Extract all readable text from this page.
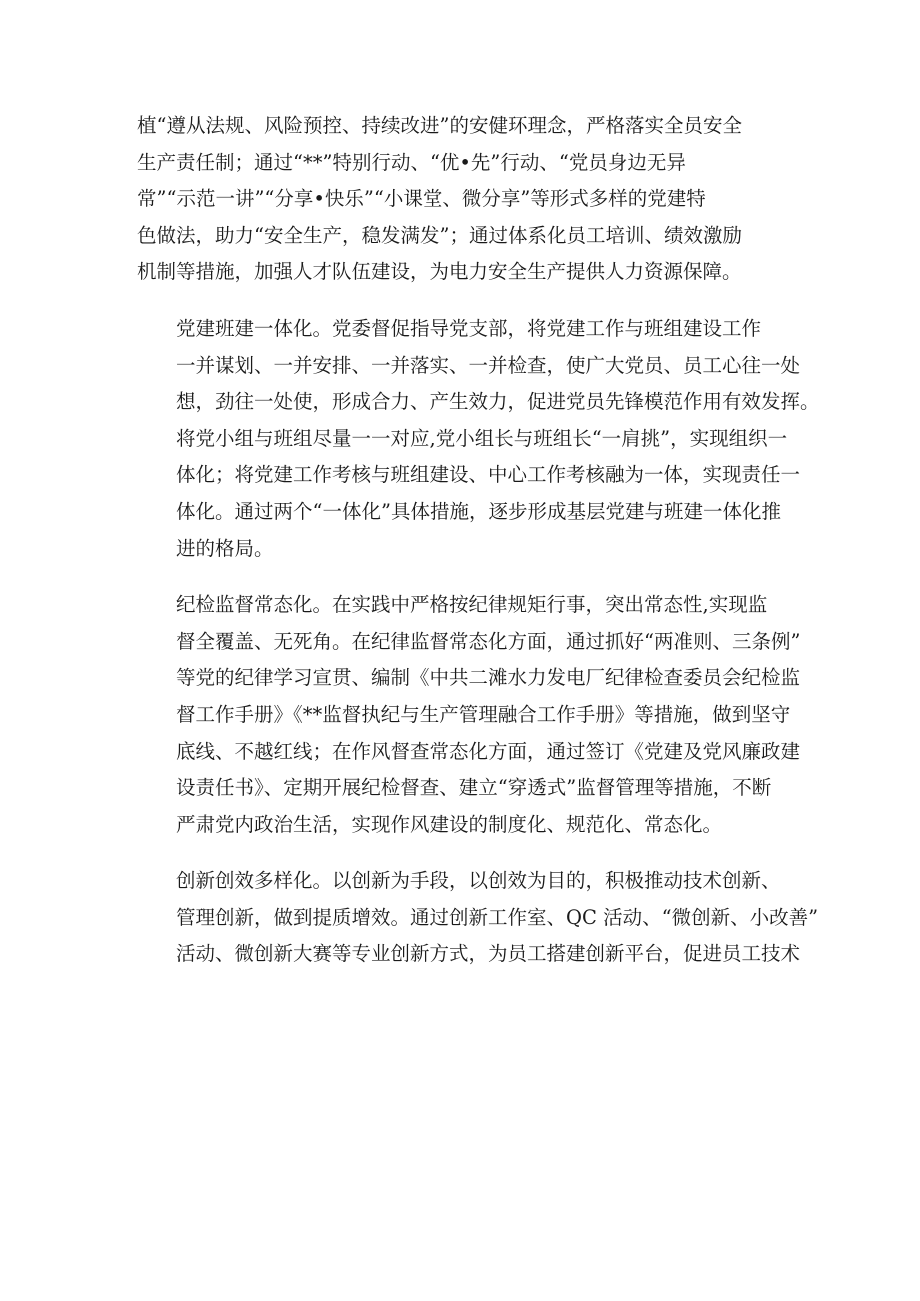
植“遵从法规、风险预控、持续改进”的安健环理念，严格落实全员安全
生产责任制；通过“**”特别行动、“优•先”行动、“党员身边无异
常”“示范一讲”“分享•快乐”“小课堂、微分享”等形式多样的党建特
色做法，助力“安全生产，稳发满发”；通过体系化员工培训、绩效激励
机制等措施，加强人才队伍建设，为电力安全生产提供人力资源保障。

党建班建一体化。党委督促指导党支部，将党建工作与班组建设工作
一并谋划、一并安排、一并落实、一并检查，使广大党员、员工心往一处
想，劲往一处使，形成合力、产生效力，促进党员先锋模范作用有效发挥。
将党小组与班组尽量一一对应,党小组长与班组长“一肩挑”，实现组织一
体化；将党建工作考核与班组建设、中心工作考核融为一体，实现责任一
体化。通过两个“一体化”具体措施，逐步形成基层党建与班建一体化推
进的格局。

纪检监督常态化。在实践中严格按纪律规矩行事，突出常态性,实现监
督全覆盖、无死角。在纪律监督常态化方面，通过抓好“两准则、三条例”
等党的纪律学习宣贯、编制《中共二滩水力发电厂纪律检查委员会纪检监
督工作手册》《**监督执纪与生产管理融合工作手册》等措施，做到坚守
底线、不越红线；在作风督查常态化方面，通过签订《党建及党风廉政建
设责任书》、定期开展纪检督查、建立“穿透式”监督管理等措施，不断
严肃党内政治生活，实现作风建设的制度化、规范化、常态化。

创新创效多样化。以创新为手段，以创效为目的，积极推动技术创新、
管理创新，做到提质增效。通过创新工作室、QC 活动、“微创新、小改善”
活动、微创新大赛等专业创新方式，为员工搭建创新平台，促进员工技术
